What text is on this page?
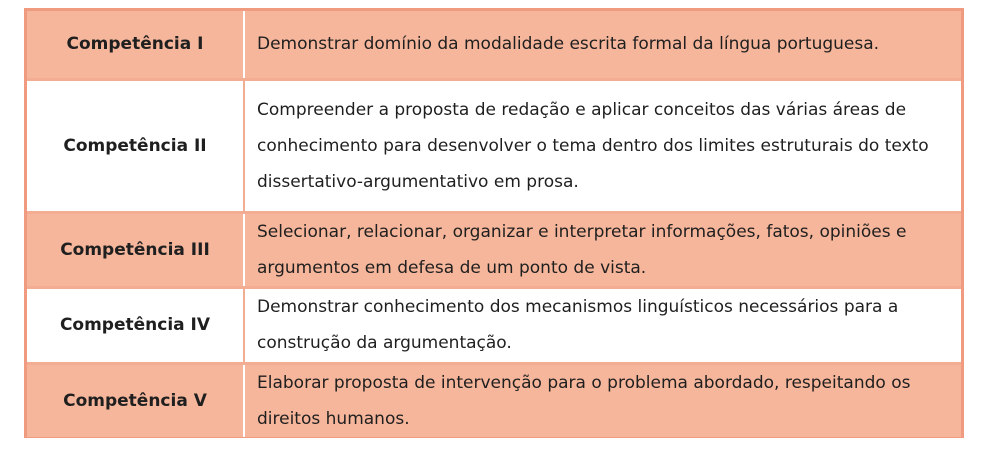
Competência I	Demonstrar domínio da modalidade escrita formal da língua portuguesa.
Competência II	Compreender a proposta de redação e aplicar conceitos das várias áreas de conhecimento para desenvolver o tema dentro dos limites estruturais do texto dissertativo-argumentativo em prosa.
Competência III	Selecionar, relacionar, organizar e interpretar informações, fatos, opiniões e argumentos em defesa de um ponto de vista.
Competência IV	Demonstrar conhecimento dos mecanismos linguísticos necessários para a construção da argumentação.
Competência V	Elaborar proposta de intervenção para o problema abordado, respeitando os direitos humanos.
